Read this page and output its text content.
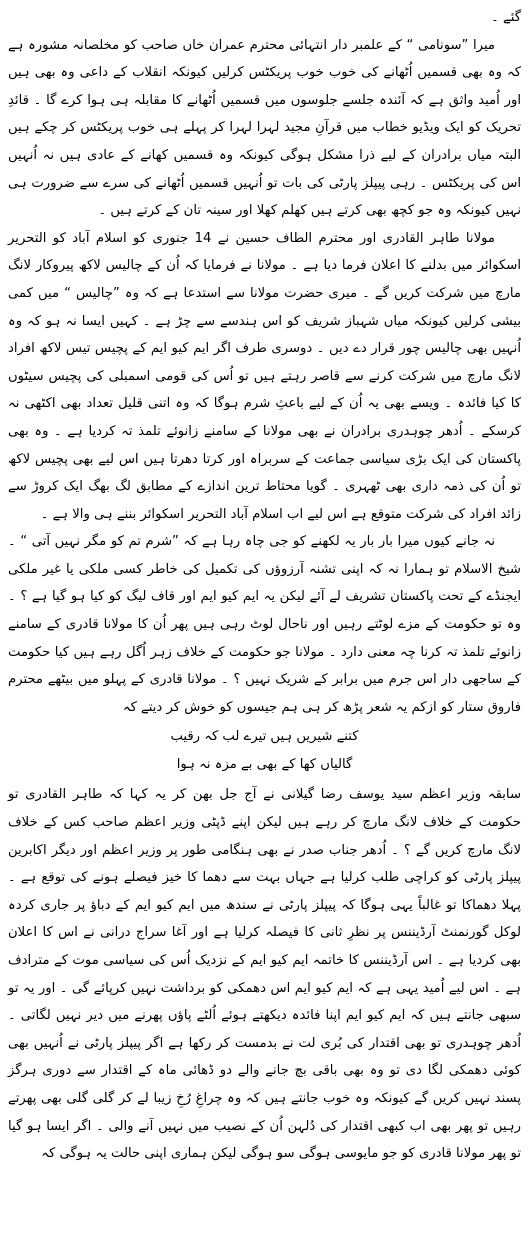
گئے ۔

میرا ”سونامی “ کے علمبر دار انتہائی محترم عمران خاں صاحب کو مخلصانہ مشورہ ہے کہ وہ بھی قسمیں اُٹھانے کی خوب خوب پریکٹس کرلیں کیونکہ انقلاب کے داعی وہ بھی ہیں اور اُمید واثق ہے کہ آئندہ جلسے جلوسوں میں قسمیں اُٹھانے کا مقابلہ ہی ہوا کرے گا ۔ قائدِ تحریک کو ایک ویڈیو خطاب میں قرآنِ مجید لہرا لہرا کر پہلے ہی خوب پریکٹس کر چکے ہیں البتہ میاں برادران کے لیے ذرا مشکل ہوگی کیونکہ وہ قسمیں کھانے کے عادی ہیں نہ اُنہیں اس کی پریکٹس ۔ رہی پیپلز پارٹی کی بات تو اُنہیں قسمیں اُٹھانے کی سرے سے ضرورت ہی نہیں کیونکہ وہ جو کچھ بھی کرتے ہیں کھلم کھلا اور سینہ تان کے کرتے ہیں ۔

مولانا طاہر القادری اور محترم الطاف حسین نے 14 جنوری کو اسلام آباد کو التحریر اسکوائر میں بدلنے کا اعلان فرما دیا ہے ۔ مولانا نے فرمایا کہ اُن کے چالیس لاکھ پیروکار لانگ مارچ میں شرکت کریں گے ۔ میری حضرت مولانا سے استدعا ہے کہ وہ ”چالیس “ میں کمی بیشی کرلیں کیونکہ میاں شہباز شریف کو اس ہندسے سے چڑ ہے ۔ کہیں ایسا نہ ہو کہ وہ اُنہیں بھی چالیس چور قرار دے دیں ۔ دوسری طرف اگر ایم کیو ایم کے پچیس تیس لاکھ افراد لانگ مارچ میں شرکت کرنے سے قاصر رہتے ہیں تو اُس کی قومی اسمبلی کی پچیس سیٹوں کا کیا فائدہ ۔ ویسے بھی یہ اُن کے لیے باعثِ شرم ہوگا کہ وہ اتنی قلیل تعداد بھی اکٹھی نہ کرسکے ۔ اُدھر چوہدری برادران نے بھی مولانا کے سامنے زانوئے تلمذ تہ کردیا ہے ۔ وہ بھی پاکستان کی ایک بڑی سیاسی جماعت کے سربراہ اور کرتا دھرتا ہیں اس لیے بھی پچیس لاکھ تو اُن کی ذمہ داری بھی ٹھہری ۔ گویا محتاط ترین اندازے کے مطابق لگ بھگ ایک کروڑ سے زائد افراد کی شرکت متوقع ہے اس لیے اب اسلام آباد التحریر اسکوائر بننے ہی والا ہے ۔

نہ جانے کیوں میرا بار بار یہ لکھنے کو جی چاہ رہا ہے کہ ”شرم تم کو مگر نہیں آتی “ ۔ شیخ الاسلام تو ہمارا نہ کہ اپنی تشنہ آرزوؤں کی تکمیل کی خاطر کسی ملکی یا غیر ملکی ایجنڈے کے تحت پاکستان تشریف لے آئے لیکن یہ ایم کیو ایم اور قاف لیگ کو کیا ہو گیا ہے ؟ ۔ وہ تو حکومت کے مزے لوٹتے رہیں اور ناحال لوٹ رہی ہیں پھر اُن کا مولانا قادری کے سامنے زانوئے تلمذ تہ کرنا چہ معنی دارد ۔ مولانا جو حکومت کے خلاف زہر اُگل رہے ہیں کیا حکومت کے ساجھی دار اس جرم میں برابر کے شریک نہیں ؟ ۔ مولانا قادری کے پہلو میں بیٹھے محترم فاروق ستار کو ازکم یہ شعر پڑھ کر ہی ہم جیسوں کو خوش کر دیتے کہ

کتنے شیریں ہیں تیرے لب کہ رقیب

گالیاں کھا کے بھی بے مزہ نہ ہوا

سابقہ وزیر اعظم سید یوسف رضا گیلانی نے آج جل بھن کر یہ کہا کہ طاہر القادری تو حکومت کے خلاف لانگ مارچ کر رہے ہیں لیکن اپنے ڈپٹی وزیر اعظم صاحب کس کے خلاف لانگ مارچ کریں گے ؟ ۔ اُدھر جناب صدر نے بھی ہنگامی طور پر وزیر اعظم اور دیگر اکابرین پیپلز پارٹی کو کراچی طلب کرلیا ہے جہاں بہت سے دھما کا خیز فیصلے ہونے کی توقع ہے ۔ پہلا دھماکا تو غالباً یہی ہوگا کہ پیپلز پارٹی نے سندھ میں ایم کیو ایم کے دباؤ پر جاری کردہ لوکل گورنمنٹ آرڈیننس پر نظرِ ثانی کا فیصلہ کرلیا ہے اور آغا سراج درانی نے اس کا اعلان بھی کردیا ہے ۔ اس آرڈیننس کا خاتمہ ایم کیو ایم کے نزدیک اُس کی سیاسی موت کے مترادف ہے ۔ اس لیے اُمید یہی ہے کہ ایم کیو ایم اس دھمکی کو برداشت نہیں کرپائے گی ۔ اور یہ تو سبھی جانتے ہیں کہ ایم کیو ایم اپنا فائدہ دیکھتے ہوئے اُلٹے پاؤں پھرنے میں دیر نہیں لگاتی ۔ اُدھر چوہدری تو بھی اقتدار کی بُری لت نے بدمست کر رکھا ہے اگر پیپلز پارٹی نے اُنہیں بھی کوئی دھمکی لگا دی تو وہ بھی باقی بچ جانے والے دو ڈھائی ماہ کے اقتدار سے دوری ہرگز پسند نہیں کریں گے کیونکہ وہ خوب جانتے ہیں کہ وہ چراغِ رُخِ زیبا لے کر گلی گلی بھی پھرتے رہیں تو پھر بھی اب کبھی اقتدار کی دُلہن اُن کے نصیب میں نہیں آنے والی ۔ اگر ایسا ہو گیا تو پھر مولانا قادری کو جو مایوسی ہوگی سو ہوگی لیکن ہماری اپنی حالت یہ ہوگی کہ
